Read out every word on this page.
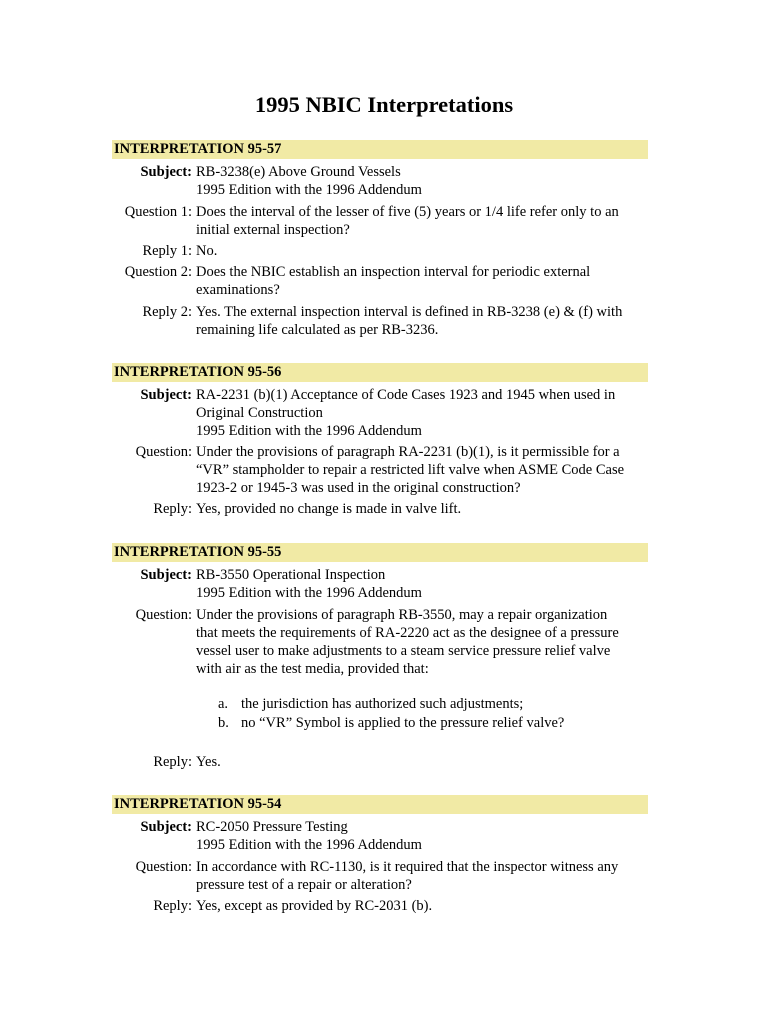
1995 NBIC Interpretations
INTERPRETATION 95-57
Subject: RB-3238(e) Above Ground Vessels
1995 Edition with the 1996 Addendum
Question 1: Does the interval of the lesser of five (5) years or 1/4 life refer only to an
initial external inspection?
Reply 1: No.
Question 2: Does the NBIC establish an inspection interval for periodic external
examinations?
Reply 2: Yes. The external inspection interval is defined in RB-3238 (e) & (f) with
remaining life calculated as per RB-3236.
INTERPRETATION 95-56
Subject: RA-2231 (b)(1) Acceptance of Code Cases 1923 and 1945 when used in
Original Construction
1995 Edition with the 1996 Addendum
Question: Under the provisions of paragraph RA-2231 (b)(1), is it permissible for a
“VR” stampholder to repair a restricted lift valve when ASME Code Case
1923-2 or 1945-3 was used in the original construction?
Reply: Yes, provided no change is made in valve lift.
INTERPRETATION 95-55
Subject: RB-3550 Operational Inspection
1995 Edition with the 1996 Addendum
Question: Under the provisions of paragraph RB-3550, may a repair organization
that meets the requirements of RA-2220 act as the designee of a pressure
vessel user to make adjustments to a steam service pressure relief valve
with air as the test media, provided that:
a. the jurisdiction has authorized such adjustments;
b. no “VR” Symbol is applied to the pressure relief valve?
Reply: Yes.
INTERPRETATION 95-54
Subject: RC-2050 Pressure Testing
1995 Edition with the 1996 Addendum
Question: In accordance with RC-1130, is it required that the inspector witness any
pressure test of a repair or alteration?
Reply: Yes, except as provided by RC-2031 (b).
